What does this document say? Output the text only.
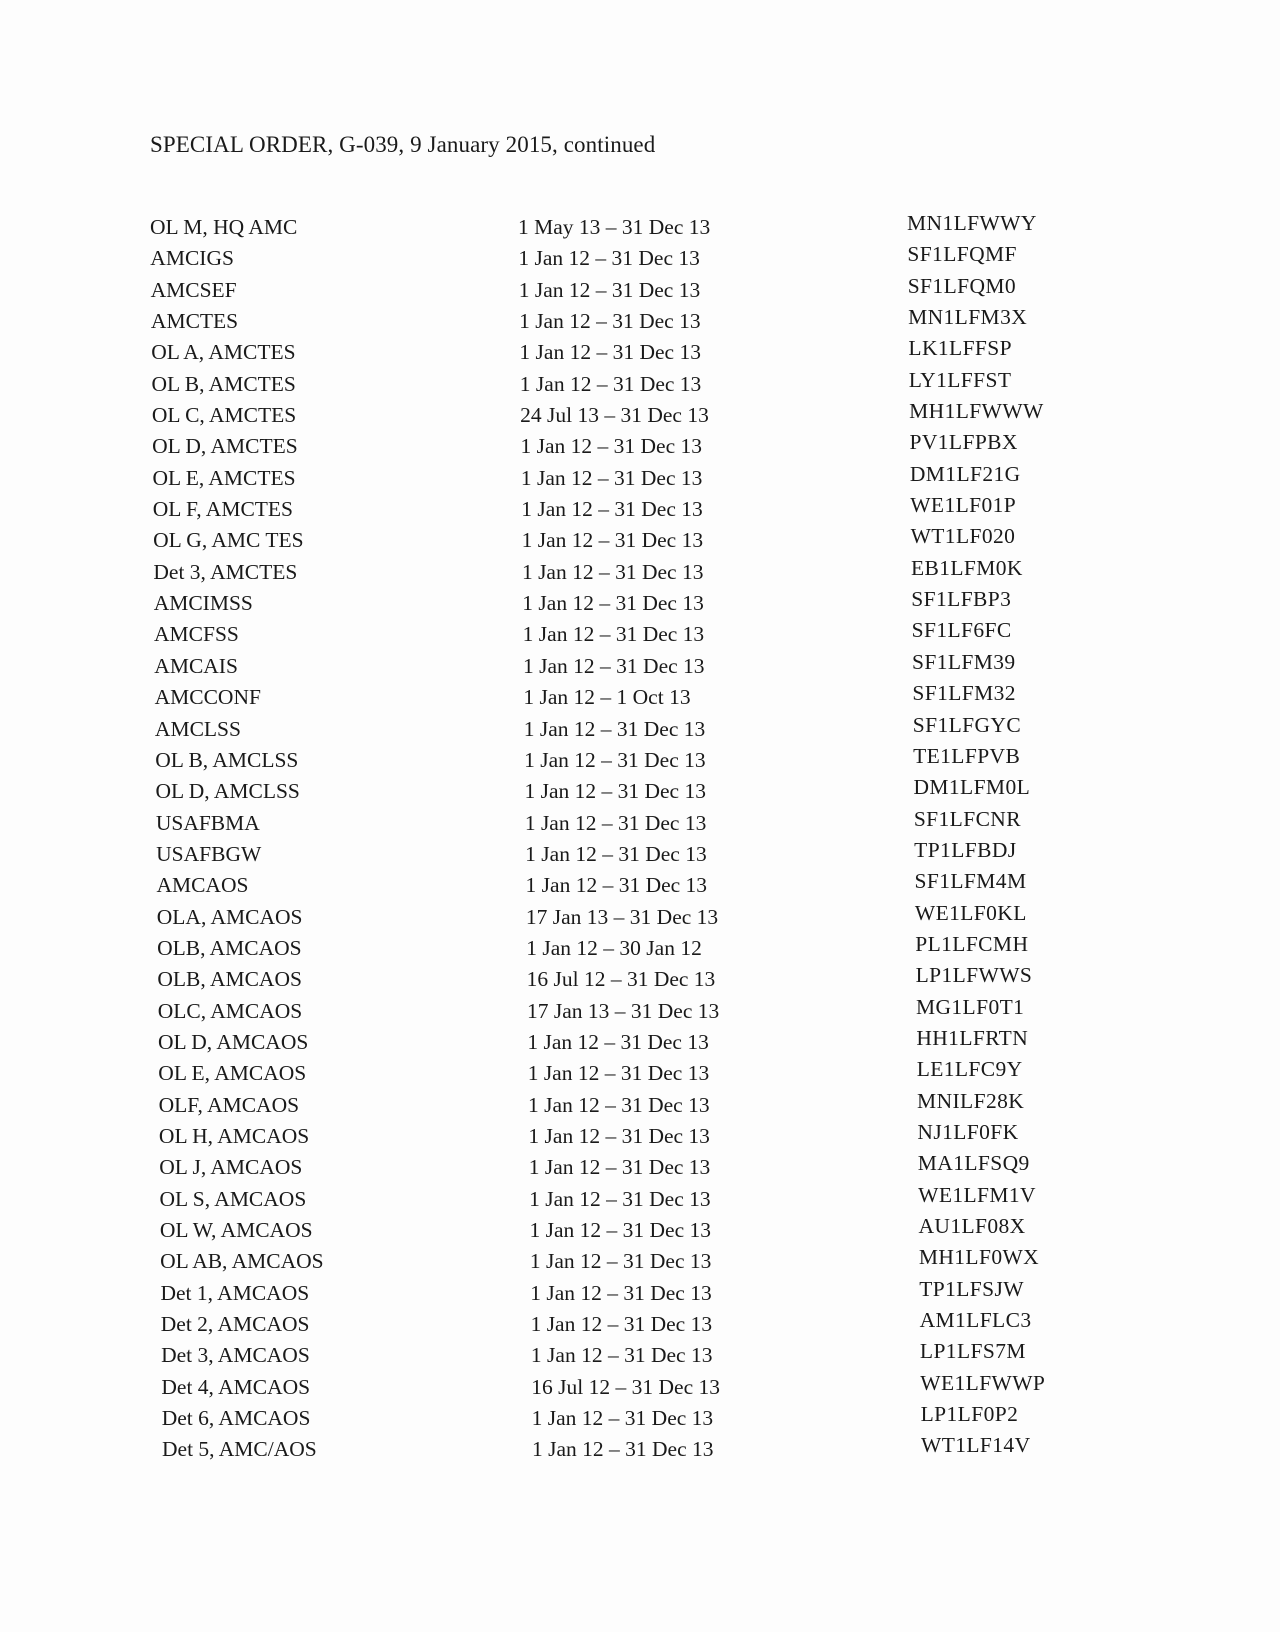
SPECIAL ORDER, G-039, 9 January 2015, continued
OL M, HQ AMC	1 May 13 – 31 Dec 13	MN1LFWWY
AMCIGS	1 Jan 12 – 31 Dec 13	SF1LFQMF
AMCSEF	1 Jan 12 – 31 Dec 13	SF1LFQM0
AMCTES	1 Jan 12 – 31 Dec 13	MN1LFM3X
OL A, AMCTES	1 Jan 12 – 31 Dec 13	LK1LFFSP
OL B, AMCTES	1 Jan 12 – 31 Dec 13	LY1LFFST
OL C, AMCTES	24 Jul 13 – 31 Dec 13	MH1LFWWW
OL D, AMCTES	1 Jan 12 – 31 Dec 13	PV1LFPBX
OL E, AMCTES	1 Jan 12 – 31 Dec 13	DM1LF21G
OL F, AMCTES	1 Jan 12 – 31 Dec 13	WE1LF01P
OL G, AMC TES	1 Jan 12 – 31 Dec 13	WT1LF020
Det 3, AMCTES	1 Jan 12 – 31 Dec 13	EB1LFM0K
AMCIMSS	1 Jan 12 – 31 Dec 13	SF1LFBP3
AMCFSS	1 Jan 12 – 31 Dec 13	SF1LF6FC
AMCAIS	1 Jan 12 – 31 Dec 13	SF1LFM39
AMCCONF	1 Jan 12 – 1 Oct 13	SF1LFM32
AMCLSS	1 Jan 12 – 31 Dec 13	SF1LFGYC
OL B, AMCLSS	1 Jan 12 – 31 Dec 13	TE1LFPVB
OL D, AMCLSS	1 Jan 12 – 31 Dec 13	DM1LFM0L
USAFBMA	1 Jan 12 – 31 Dec 13	SF1LFCNR
USAFBGW	1 Jan 12 – 31 Dec 13	TP1LFBDJ
AMCAOS	1 Jan 12 – 31 Dec 13	SF1LFM4M
OLA, AMCAOS	17 Jan 13 – 31 Dec 13	WE1LF0KL
OLB, AMCAOS	1 Jan 12 – 30 Jan 12	PL1LFCMH
OLB, AMCAOS	16 Jul 12 – 31 Dec 13	LP1LFWWS
OLC, AMCAOS	17 Jan 13 – 31 Dec 13	MG1LF0T1
OL D, AMCAOS	1 Jan 12 – 31 Dec 13	HH1LFRTN
OL E, AMCAOS	1 Jan 12 – 31 Dec 13	LE1LFC9Y
OLF, AMCAOS	1 Jan 12 – 31 Dec 13	MNILF28K
OL H, AMCAOS	1 Jan 12 – 31 Dec 13	NJ1LF0FK
OL J, AMCAOS	1 Jan 12 – 31 Dec 13	MA1LFSQ9
OL S, AMCAOS	1 Jan 12 – 31 Dec 13	WE1LFM1V
OL W, AMCAOS	1 Jan 12 – 31 Dec 13	AU1LF08X
OL AB, AMCAOS	1 Jan 12 – 31 Dec 13	MH1LF0WX
Det 1, AMCAOS	1 Jan 12 – 31 Dec 13	TP1LFSJW
Det 2, AMCAOS	1 Jan 12 – 31 Dec 13	AM1LFLC3
Det 3, AMCAOS	1 Jan 12 – 31 Dec 13	LP1LFS7M
Det 4, AMCAOS	16 Jul 12 – 31 Dec 13	WE1LFWWP
Det 6, AMCAOS	1 Jan 12 – 31 Dec 13	LP1LF0P2
Det 5, AMC/AOS	1 Jan 12 – 31 Dec 13	WT1LF14V
